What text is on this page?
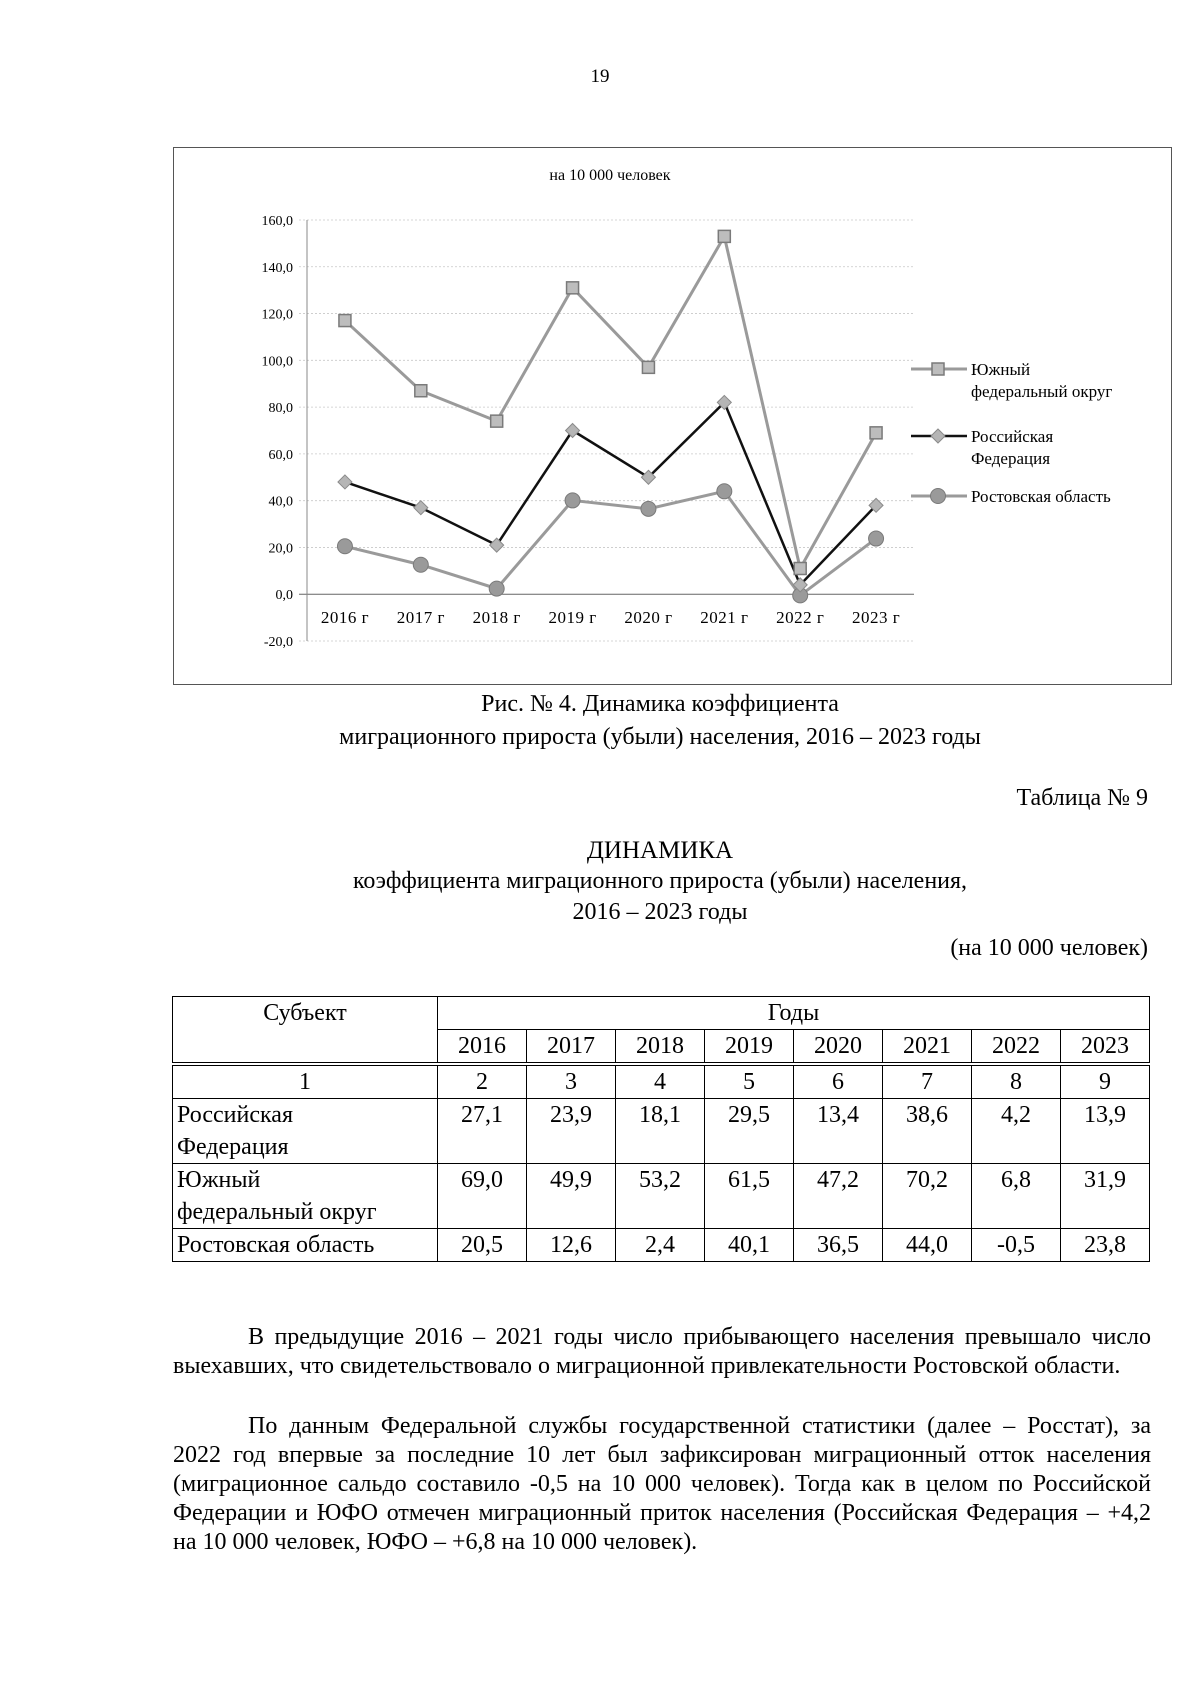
19
на 10 000 человек
160,0
140,0
120,0
100,0
80,0
60,0
40,0
20,0
0,0
-20,0
2016 г 2017 г 2018 г 2019 г 2020 г 2021 г 2022 г 2023 г
Южный
федеральный округ
Российская
Федерация
Ростовская область
Рис. № 4. Динамика коэффициента
миграционного прироста (убыли) населения, 2016 – 2023 годы
Таблица № 9
ДИНАМИКА
коэффициента миграционного прироста (убыли) населения,
2016 – 2023 годы
(на 10 000 человек)
Субъект	Годы							
	2016	2017	2018	2019	2020	2021	2022	2023
1	2	3	4	5	6	7	8	9

Российская
Федерация	27,1	23,9	18,1	29,5	13,4	38,6	4,2	13,9

Южный
федеральный округ	69,0	49,9	53,2	61,5	47,2	70,2	6,8	31,9

Ростовская область	20,5	12,6	2,4	40,1	36,5	44,0	-0,5	23,8

В предыдущие 2016 – 2021 годы число прибывающего населения превышало число выехавших, что свидетельствовало о миграционной привлекательности Ростовской области.

По данным Федеральной службы государственной статистики (далее – Росстат), за 2022 год впервые за последние 10 лет был зафиксирован миграционный отток населения (миграционное сальдо составило -0,5 на 10 000 человек). Тогда как в целом по Российской Федерации и ЮФО отмечен миграционный приток населения (Российская Федерация – +4,2 на 10 000 человек, ЮФО – +6,8 на 10 000 человек).
